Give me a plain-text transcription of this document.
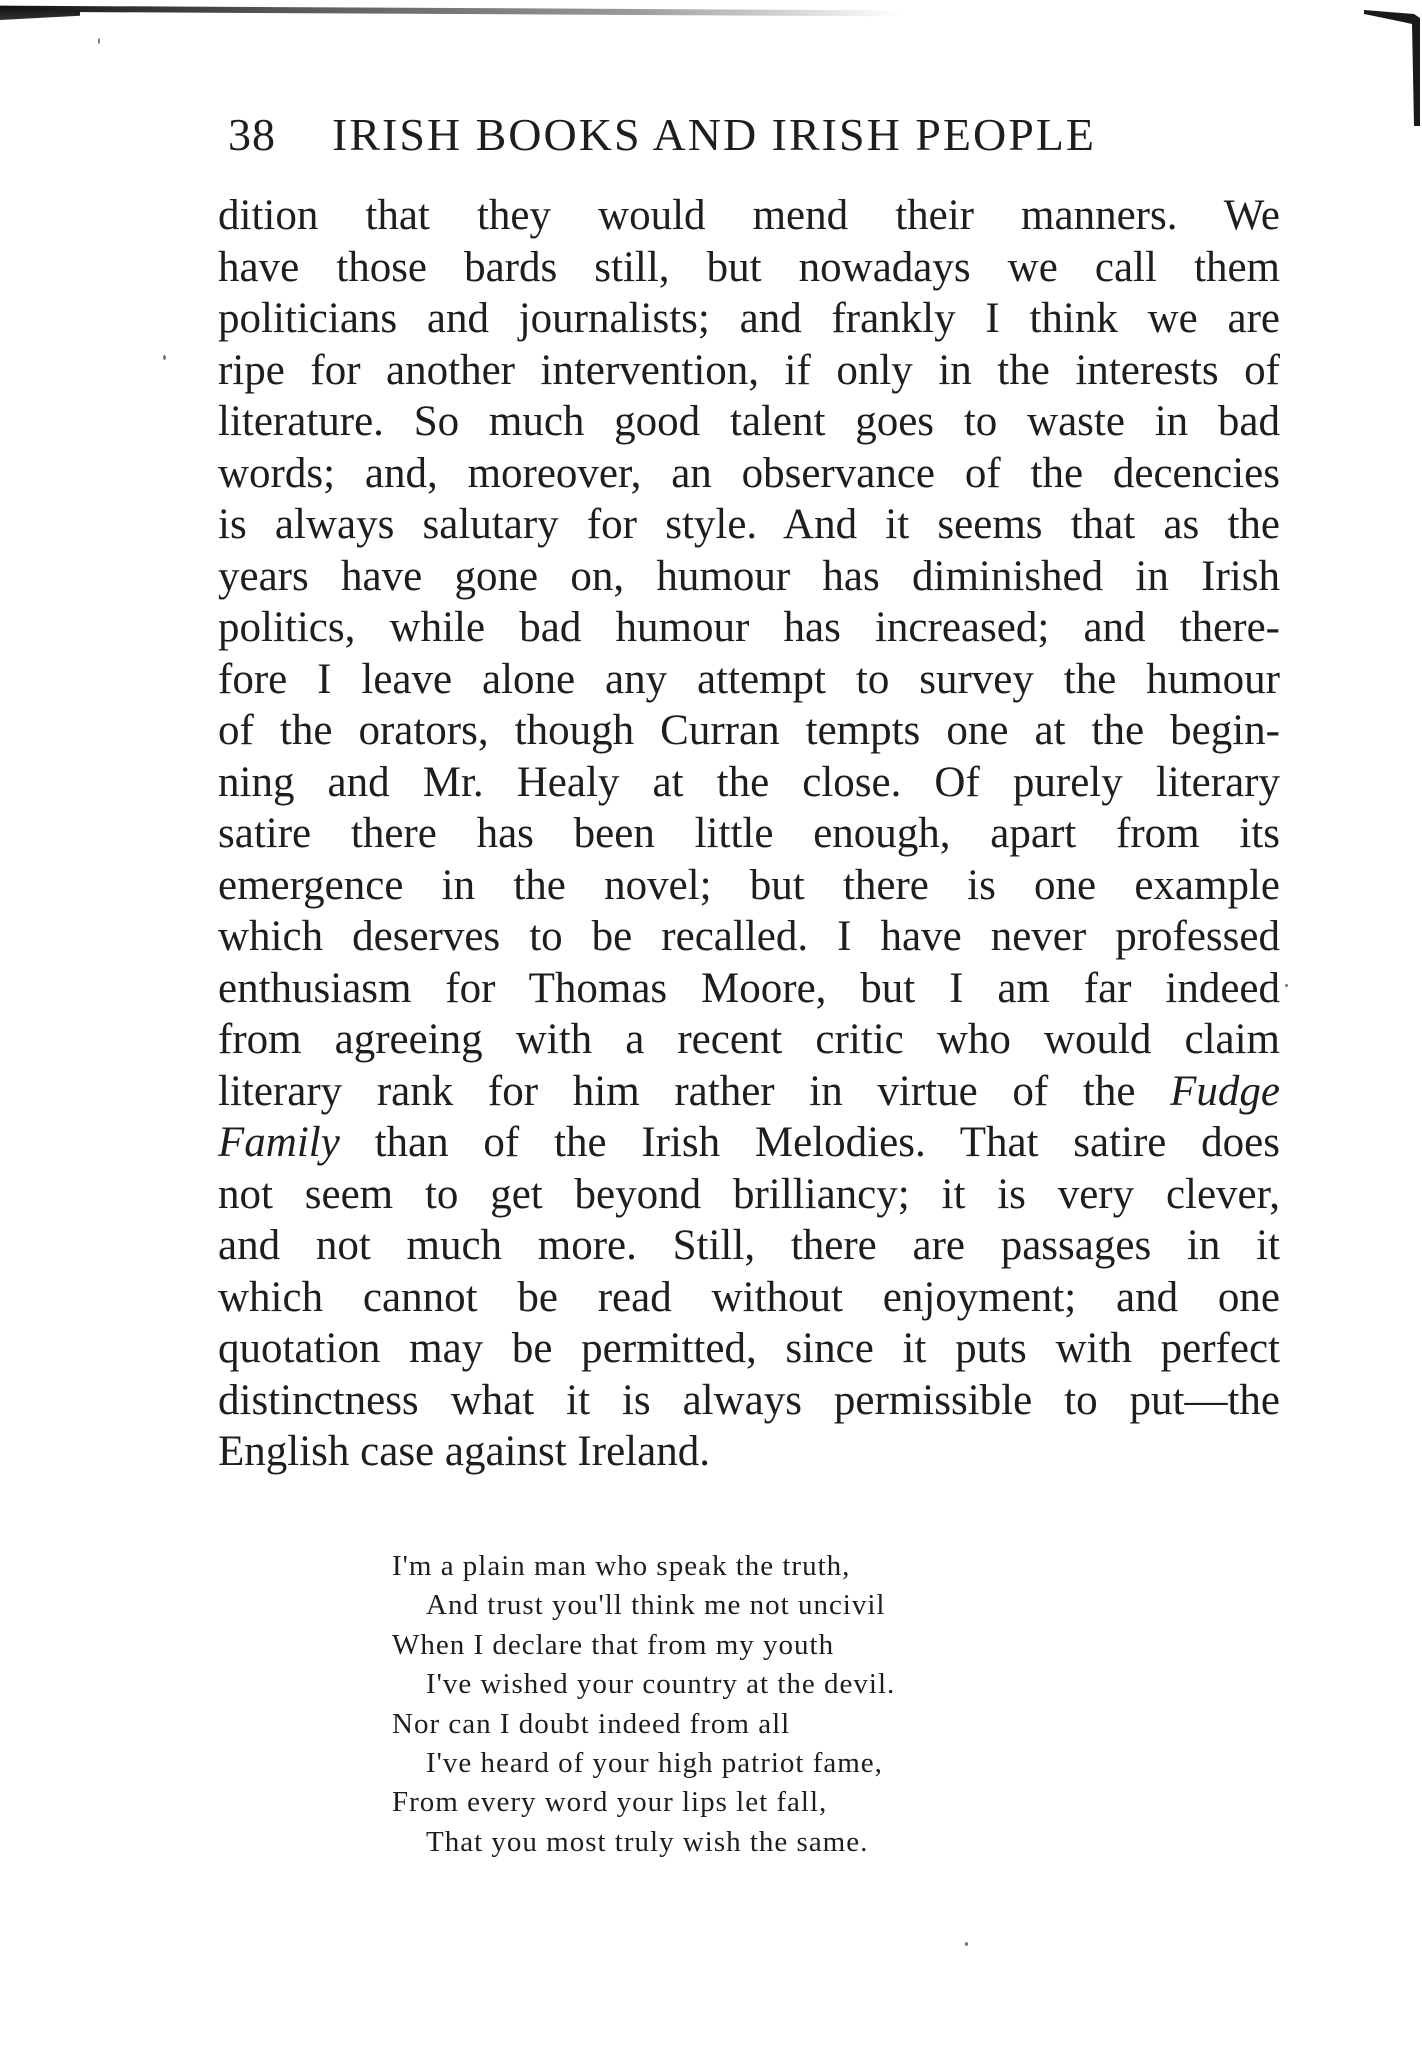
38 IRISH BOOKS AND IRISH PEOPLE
dition that they would mend their manners. We
have those bards still, but nowadays we call them
politicians and journalists; and frankly I think we are
ripe for another intervention, if only in the interests of
literature. So much good talent goes to waste in bad
words; and, moreover, an observance of the decencies
is always salutary for style. And it seems that as the
years have gone on, humour has diminished in Irish
politics, while bad humour has increased; and there-
fore I leave alone any attempt to survey the humour
of the orators, though Curran tempts one at the begin-
ning and Mr. Healy at the close. Of purely literary
satire there has been little enough, apart from its
emergence in the novel; but there is one example
which deserves to be recalled. I have never professed
enthusiasm for Thomas Moore, but I am far indeed
from agreeing with a recent critic who would claim
literary rank for him rather in virtue of the Fudge
Family than of the Irish Melodies. That satire does
not seem to get beyond brilliancy; it is very clever,
and not much more. Still, there are passages in it
which cannot be read without enjoyment; and one
quotation may be permitted, since it puts with perfect
distinctness what it is always permissible to put—the
English case against Ireland.
I'm a plain man who speak the truth,
And trust you'll think me not uncivil
When I declare that from my youth
I've wished your country at the devil.
Nor can I doubt indeed from all
I've heard of your high patriot fame,
From every word your lips let fall,
That you most truly wish the same.
